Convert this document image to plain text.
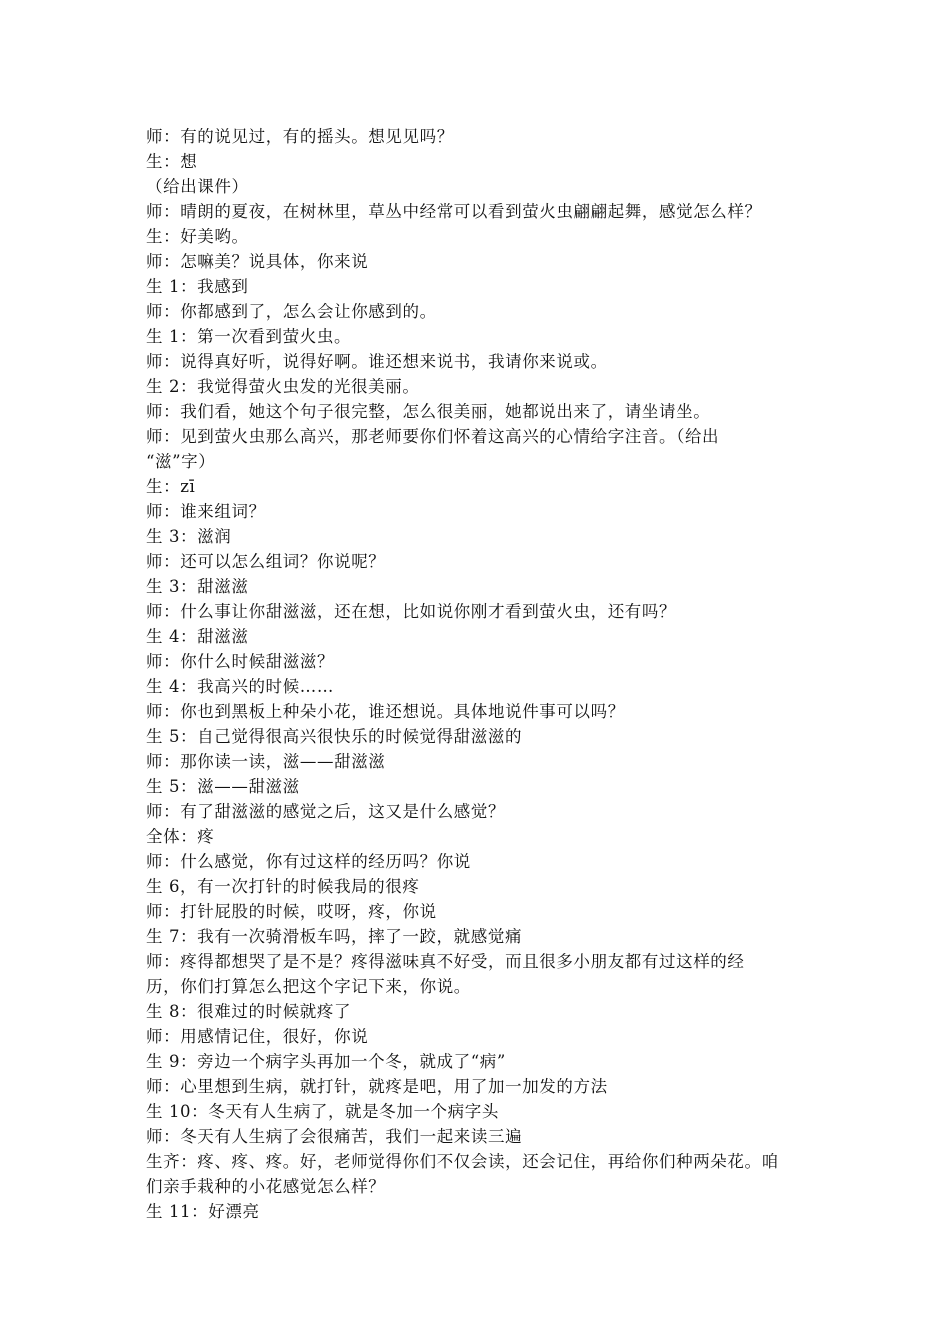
师：有的说见过，有的摇头。想见见吗？
生：想
（给出课件）
师：晴朗的夏夜，在树林里，草丛中经常可以看到萤火虫翩翩起舞，感觉怎么样？
生：好美哟。
师：怎嘛美？说具体，你来说
生 1：我感到
师：你都感到了，怎么会让你感到的。
生 1：第一次看到萤火虫。
师：说得真好听，说得好啊。谁还想来说书，我请你来说或。
生 2：我觉得萤火虫发的光很美丽。
师：我们看，她这个句子很完整，怎么很美丽，她都说出来了，请坐请坐。
师：见到萤火虫那么高兴，那老师要你们怀着这高兴的心情给字注音。（给出
“滋”字）
生：zī
师：谁来组词？
生 3：滋润
师：还可以怎么组词？你说呢？
生 3：甜滋滋
师：什么事让你甜滋滋，还在想，比如说你刚才看到萤火虫，还有吗？
生 4：甜滋滋
师：你什么时候甜滋滋？
生 4：我高兴的时候……
师：你也到黑板上种朵小花，谁还想说。具体地说件事可以吗？
生 5：自己觉得很高兴很快乐的时候觉得甜滋滋的
师：那你读一读，滋——甜滋滋
生 5：滋——甜滋滋
师：有了甜滋滋的感觉之后，这又是什么感觉？
全体：疼
师：什么感觉，你有过这样的经历吗？你说
生 6，有一次打针的时候我局的很疼
师：打针屁股的时候，哎呀，疼，你说
生 7：我有一次骑滑板车吗，摔了一跤，就感觉痛
师：疼得都想哭了是不是？疼得滋味真不好受，而且很多小朋友都有过这样的经
历，你们打算怎么把这个字记下来，你说。
生 8：很难过的时候就疼了
师：用感情记住，很好，你说
生 9：旁边一个病字头再加一个冬，就成了“病”
师：心里想到生病，就打针，就疼是吧，用了加一加发的方法
生 10：冬天有人生病了，就是冬加一个病字头
师：冬天有人生病了会很痛苦，我们一起来读三遍
生齐：疼、疼、疼。好，老师觉得你们不仅会读，还会记住，再给你们种两朵花。咱
们亲手栽种的小花感觉怎么样？
生 11：好漂亮
